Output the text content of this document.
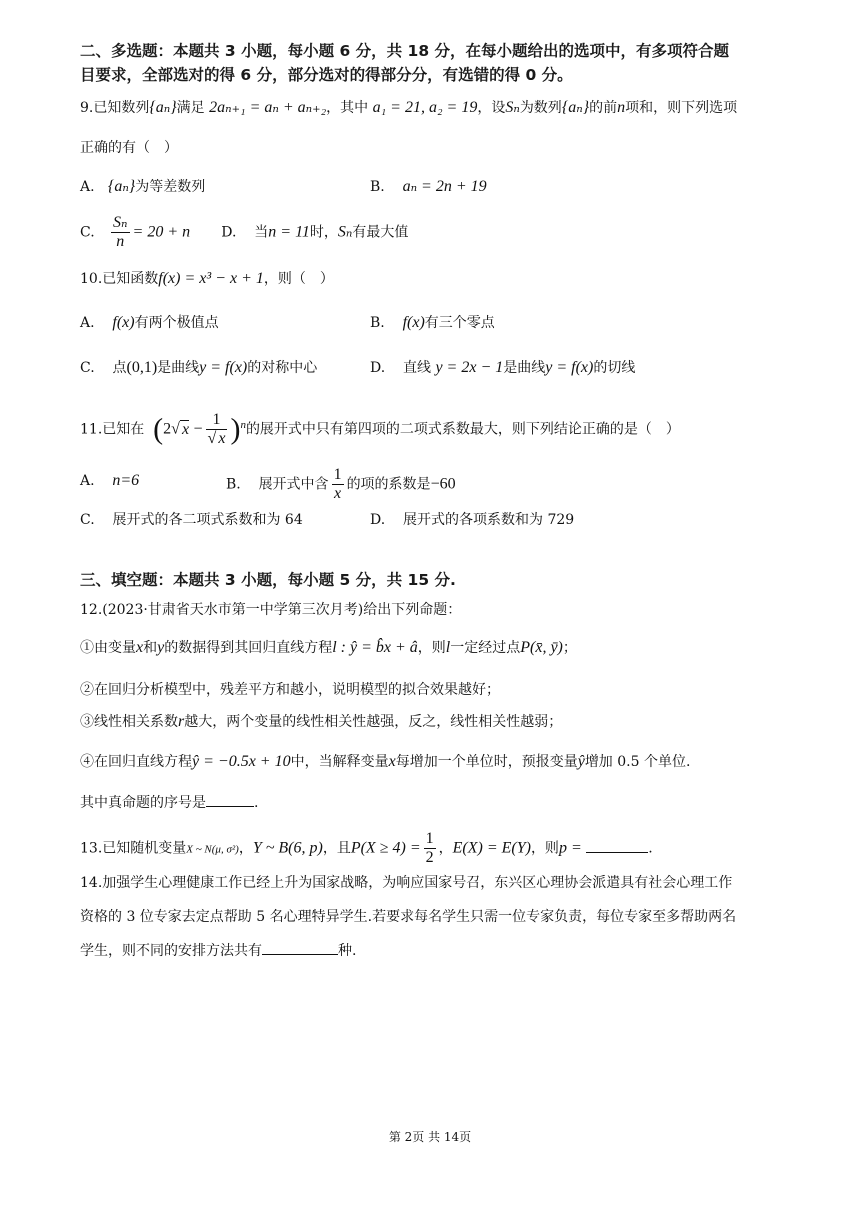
二、多选题：本题共 3 小题，每小题 6 分，共 18 分，在每小题给出的选项中，有多项符合题
目要求，全部选对的得 6 分，部分选对的得部分分，有选错的得 0 分。
9.已知数列{aₙ}满足 2aₙ₊₁ = aₙ + aₙ₊₂，其中 a₁ = 21, a₂ = 19，设Sₙ为数列{aₙ}的前n项和，则下列选项
正确的有（　）
A. {aₙ}为等差数列	B. aₙ = 2n + 19
C. $\frac{\text{Sₙ}}{n} = 20 + n$ D. 当n = 11时，Sₙ有最大值
10.已知函数f(x) = x³ − x + 1，则（　）
A. f(x)有两个极值点	B. f(x)有三个零点
C. 点(0,1)是曲线y = f(x)的对称中心	D. 直线 y = 2x − 1是曲线y = f(x)的切线
11.已知在 (2√ $x - \frac{1}{√ x} )^n$的展开式中只有第四项的二项式系数最大，则下列结论正确的是（　）
A. n=6	B. 展开式中含 $\frac{1}{x}$ 的项的系数是−60
C. 展开式的各二项式系数和为 64	D. 展开式的各项系数和为 729
三、填空题：本题共 3 小题，每小题 5 分，共 15 分.
12.(2023·甘肃省天水市第一中学第三次月考)给出下列命题：
①由变量x和y的数据得到其回归直线方程l : ŷ = b̂x + â，则l一定经过点P(x̄, ȳ)；
②在回归分析模型中，残差平方和越小，说明模型的拟合效果越好；
③线性相关系数r越大，两个变量的线性相关性越强，反之，线性相关性越弱；
④在回归直线方程ŷ = −0.5x + 10中，当解释变量x每增加一个单位时，预报变量ŷ增加 0.5 个单位.
其中真命题的序号是	.
13.已知随机变量X ~ N(μ, σ²)，Y ~ B(6, p)，且$P(X \ge 4) = \frac{1}{2}$ ，E(X) = E(Y)，则p =	.
14.加强学生心理健康工作已经上升为国家战略，为响应国家号召，东兴区心理协会派遣具有社会心理工作
资格的 3 位专家去定点帮助 5 名心理特异学生.若要求每名学生只需一位专家负责，每位专家至多帮助两名
学生，则不同的安排方法共有	种.
第 2页 共 14页
